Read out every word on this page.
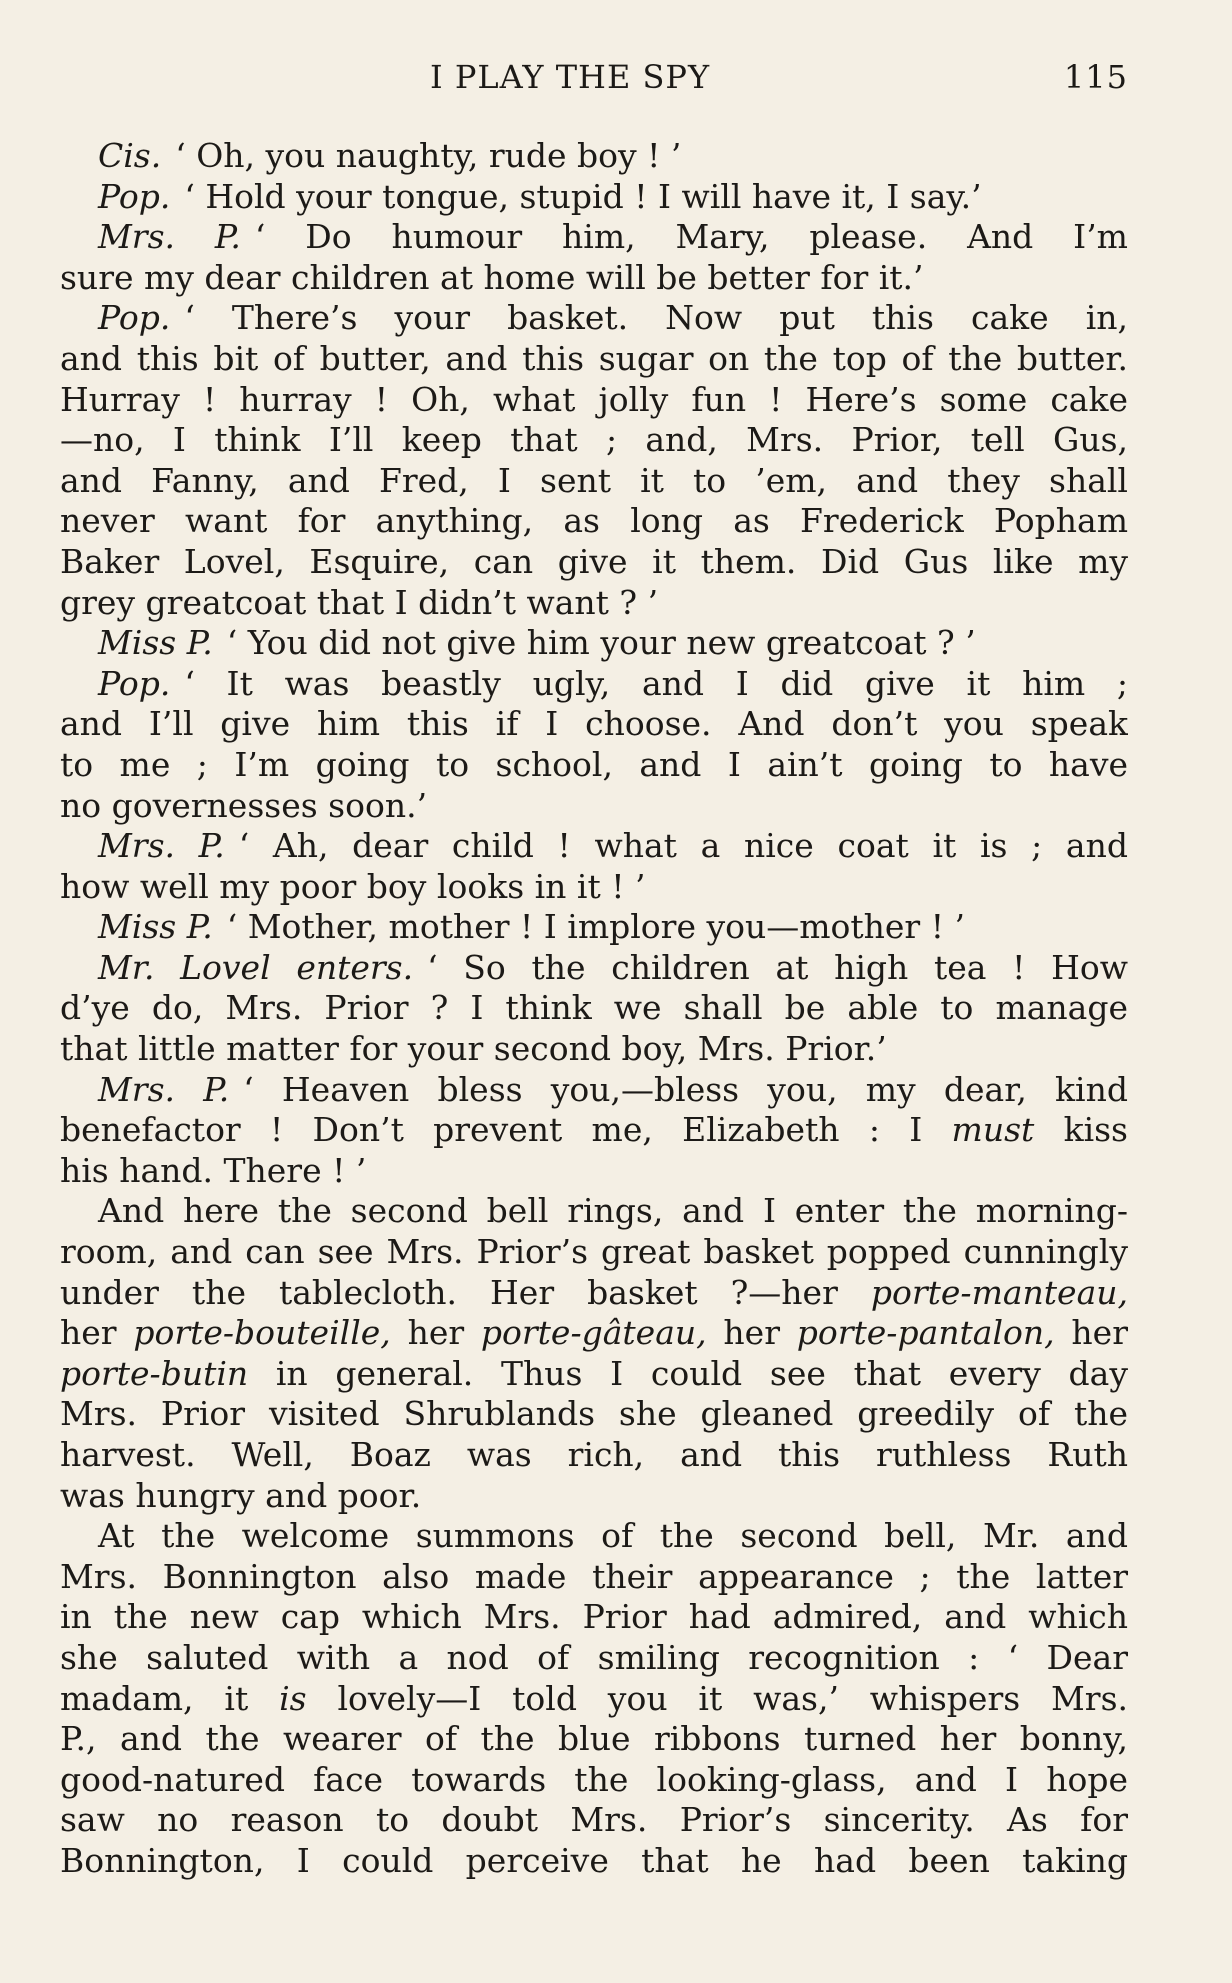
I PLAY THE SPY	115
Cis. ‘ Oh, you naughty, rude boy ! ’
Pop. ‘ Hold your tongue, stupid ! I will have it, I say.’
Mrs. P. ‘ Do humour him, Mary, please. And I’m
sure my dear children at home will be better for it.’
Pop. ‘ There’s your basket. Now put this cake in,
and this bit of butter, and this sugar on the top of the butter.
Hurray ! hurray ! Oh, what jolly fun ! Here’s some cake
—no, I think I’ll keep that ; and, Mrs. Prior, tell Gus,
and Fanny, and Fred, I sent it to ’em, and they shall
never want for anything, as long as Frederick Popham
Baker Lovel, Esquire, can give it them. Did Gus like my
grey greatcoat that I didn’t want ? ’
Miss P. ‘ You did not give him your new greatcoat ? ’
Pop. ‘ It was beastly ugly, and I did give it him ;
and I’ll give him this if I choose. And don’t you speak
to me ; I’m going to school, and I ain’t going to have
no governesses soon.’
Mrs. P. ‘ Ah, dear child ! what a nice coat it is ; and
how well my poor boy looks in it ! ’
Miss P. ‘ Mother, mother ! I implore you—mother ! ’
Mr. Lovel enters. ‘ So the children at high tea ! How
d’ye do, Mrs. Prior ? I think we shall be able to manage
that little matter for your second boy, Mrs. Prior.’
Mrs. P. ‘ Heaven bless you,—bless you, my dear, kind
benefactor ! Don’t prevent me, Elizabeth : I must kiss
his hand. There ! ’
And here the second bell rings, and I enter the morning-
room, and can see Mrs. Prior’s great basket popped cunningly
under the tablecloth. Her basket ?—her porte-manteau,
her porte-bouteille, her porte-gâteau, her porte-pantalon, her
porte-butin in general. Thus I could see that every day
Mrs. Prior visited Shrublands she gleaned greedily of the
harvest. Well, Boaz was rich, and this ruthless Ruth
was hungry and poor.
At the welcome summons of the second bell, Mr. and
Mrs. Bonnington also made their appearance ; the latter
in the new cap which Mrs. Prior had admired, and which
she saluted with a nod of smiling recognition : ‘ Dear
madam, it is lovely—I told you it was,’ whispers Mrs.
P., and the wearer of the blue ribbons turned her bonny,
good-natured face towards the looking-glass, and I hope
saw no reason to doubt Mrs. Prior’s sincerity. As for
Bonnington, I could perceive that he had been taking
